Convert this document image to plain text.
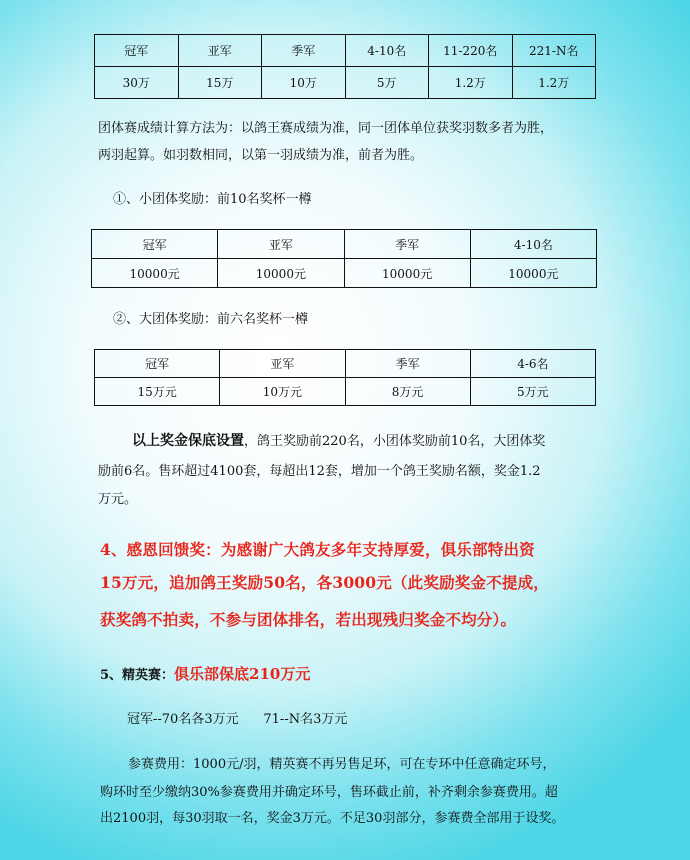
冠军	亚军	季军	4-10名	11-220名	221-N名
30万	15万	10万	5万	1.2万	1.2万
团体赛成绩计算方法为：以鸽王赛成绩为准，同一团体单位获奖羽数多者为胜，
两羽起算。如羽数相同，以第一羽成绩为准，前者为胜。
①、小团体奖励：前10名奖杯一樽
冠军	亚军	季军	4-10名
10000元	10000元	10000元	10000元
②、大团体奖励：前六名奖杯一樽
冠军	亚军	季军	4-6名
15万元	10万元	8万元	5万元
以上奖金保底设置，鸽王奖励前220名，小团体奖励前10名，大团体奖
励前6名。售环超过4100套，每超出12套，增加一个鸽王奖励名额，奖金1.2
万元。
4、感恩回馈奖：为感谢广大鸽友多年支持厚爱，俱乐部特出资
15万元，追加鸽王奖励50名，各3000元（此奖励奖金不提成，
获奖鸽不拍卖，不参与团体排名，若出现残归奖金不均分）。
5、精英赛：俱乐部保底210万元
冠军--70名各3万元      71--N名3万元
参赛费用：1000元/羽，精英赛不再另售足环，可在专环中任意确定环号，
购环时至少缴纳30%参赛费用并确定环号，售环截止前，补齐剩余参赛费用。超
出2100羽，每30羽取一名，奖金3万元。不足30羽部分，参赛费全部用于设奖。
